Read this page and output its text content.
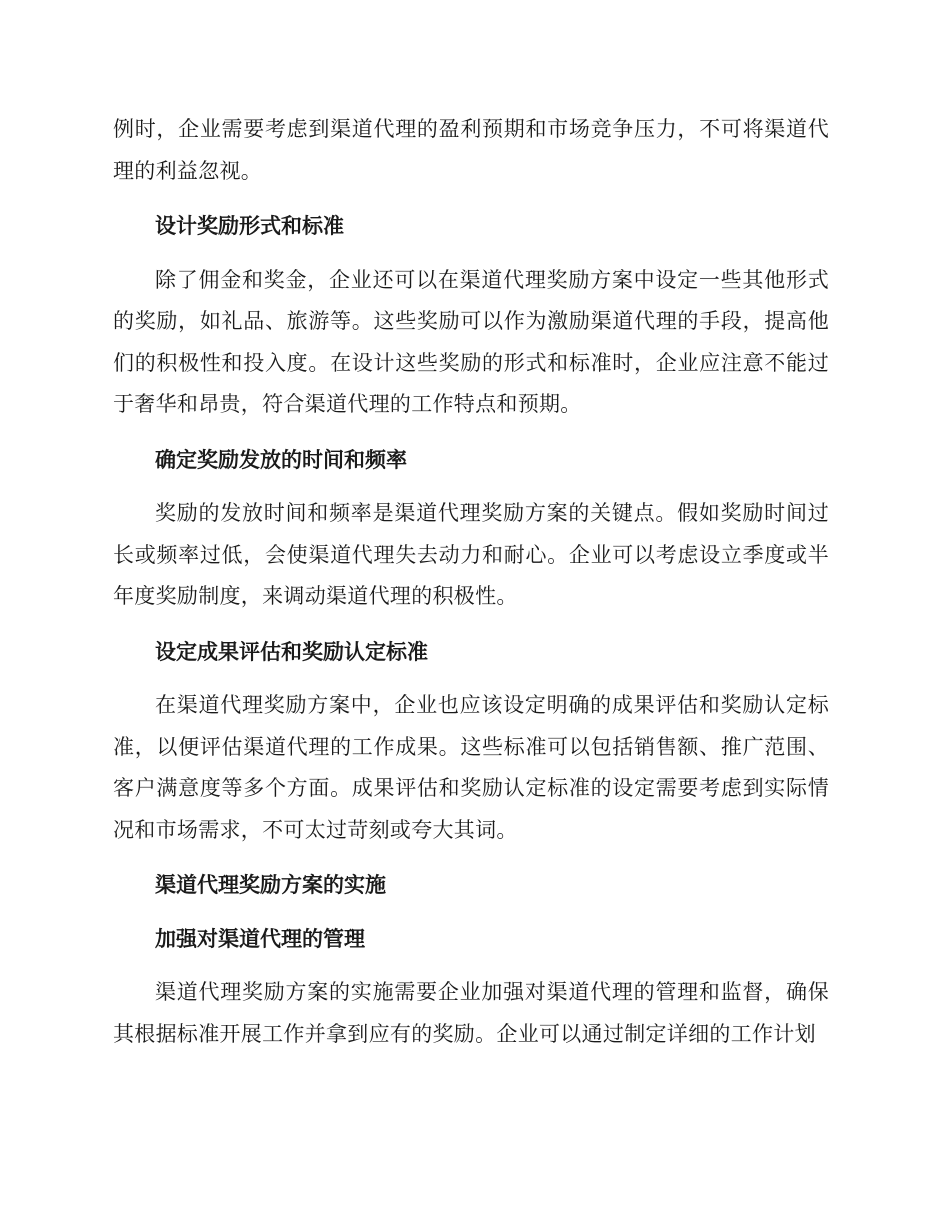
例时，企业需要考虑到渠道代理的盈利预期和市场竞争压力，不可将渠道代理的利益忽视。

设计奖励形式和标准

除了佣金和奖金，企业还可以在渠道代理奖励方案中设定一些其他形式的奖励，如礼品、旅游等。这些奖励可以作为激励渠道代理的手段，提高他们的积极性和投入度。在设计这些奖励的形式和标准时，企业应注意不能过于奢华和昂贵，符合渠道代理的工作特点和预期。

确定奖励发放的时间和频率

奖励的发放时间和频率是渠道代理奖励方案的关键点。假如奖励时间过长或频率过低，会使渠道代理失去动力和耐心。企业可以考虑设立季度或半年度奖励制度，来调动渠道代理的积极性。

设定成果评估和奖励认定标准

在渠道代理奖励方案中，企业也应该设定明确的成果评估和奖励认定标准，以便评估渠道代理的工作成果。这些标准可以包括销售额、推广范围、客户满意度等多个方面。成果评估和奖励认定标准的设定需要考虑到实际情况和市场需求，不可太过苛刻或夸大其词。

渠道代理奖励方案的实施

加强对渠道代理的管理

渠道代理奖励方案的实施需要企业加强对渠道代理的管理和监督，确保其根据标准开展工作并拿到应有的奖励。企业可以通过制定详细的工作计划
